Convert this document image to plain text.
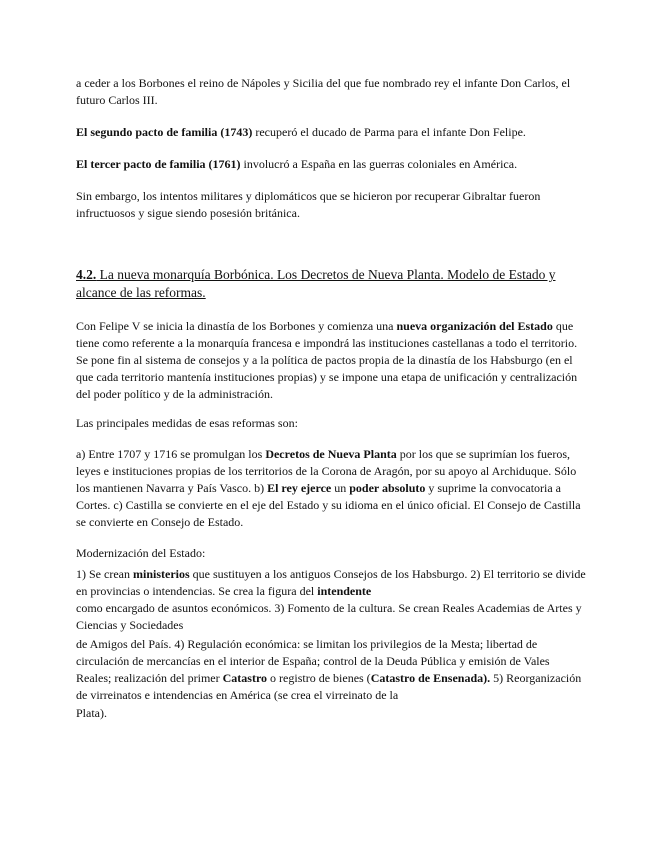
a ceder a los Borbones el reino de Nápoles y Sicilia del que fue nombrado rey el infante Don Carlos, el futuro Carlos III.

El segundo pacto de familia (1743) recuperó el ducado de Parma para el infante Don Felipe.

El tercer pacto de familia (1761) involucró a España en las guerras coloniales en América.

Sin embargo, los intentos militares y diplomáticos que se hicieron por recuperar Gibraltar fueron infructuosos y sigue siendo posesión británica.

4.2. La nueva monarquía Borbónica. Los Decretos de Nueva Planta. Modelo de Estado y alcance de las reformas.

Con Felipe V se inicia la dinastía de los Borbones y comienza una nueva organización del Estado que tiene como referente a la monarquía francesa e impondrá las instituciones castellanas a todo el territorio. Se pone fin al sistema de consejos y a la política de pactos propia de la dinastía de los Habsburgo (en el que cada territorio mantenía instituciones propias) y se impone una etapa de unificación y centralización del poder político y de la administración.

Las principales medidas de esas reformas son:

a) Entre 1707 y 1716 se promulgan los Decretos de Nueva Planta por los que se suprimían los fueros, leyes e instituciones propias de los territorios de la Corona de Aragón, por su apoyo al Archiduque. Sólo los mantienen Navarra y País Vasco. b) El rey ejerce un poder absoluto y suprime la convocatoria a Cortes. c) Castilla se convierte en el eje del Estado y su idioma en el único oficial. El Consejo de Castilla se convierte en Consejo de Estado.

Modernización del Estado:

1) Se crean ministerios que sustituyen a los antiguos Consejos de los Habsburgo. 2) El territorio se divide en provincias o intendencias. Se crea la figura del intendente

como encargado de asuntos económicos. 3) Fomento de la cultura. Se crean Reales Academias de Artes y Ciencias y Sociedades

de Amigos del País. 4) Regulación económica: se limitan los privilegios de la Mesta; libertad de circulación de mercancías en el interior de España; control de la Deuda Pública y emisión de Vales Reales; realización del primer Catastro o registro de bienes (Catastro de Ensenada). 5) Reorganización de virreinatos e intendencias en América (se crea el virreinato de la

Plata).
